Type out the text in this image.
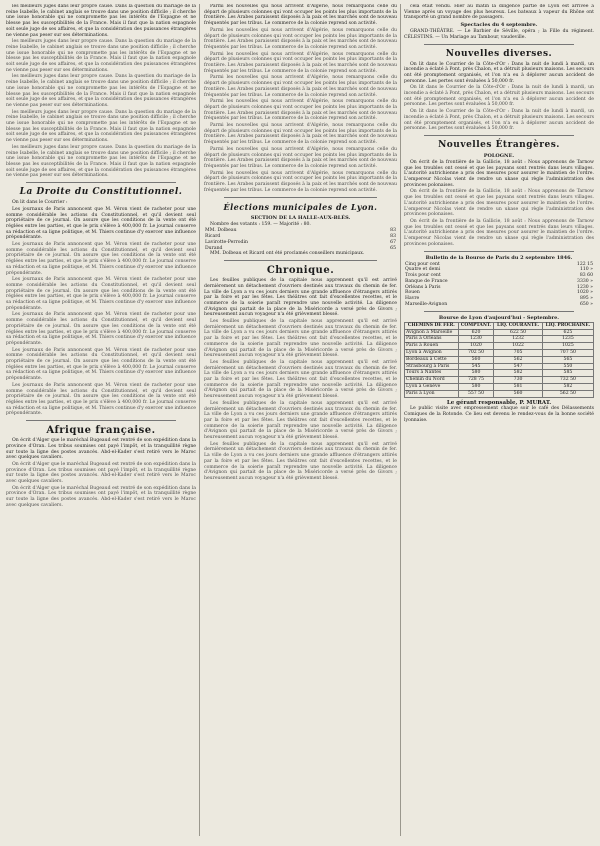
les meilleurs juges dans leur propre cause. Dans la question du mariage de la reine Isabelle, le cabinet anglais se trouve dans une position difficile ; il cherche une issue honorable qui ne compromette pas les intérêts de l'Espagne et ne blesse pas les susceptibilités de la France. Mais il faut que la nation espagnole soit seule juge de ses affaires, et que la considération des puissances étrangères ne vienne pas peser sur ses déterminations.

les meilleurs juges dans leur propre cause. Dans la question du mariage de la reine Isabelle, le cabinet anglais se trouve dans une position difficile ; il cherche une issue honorable qui ne compromette pas les intérêts de l'Espagne et ne blesse pas les susceptibilités de la France. Mais il faut que la nation espagnole soit seule juge de ses affaires, et que la considération des puissances étrangères ne vienne pas peser sur ses déterminations.

les meilleurs juges dans leur propre cause. Dans la question du mariage de la reine Isabelle, le cabinet anglais se trouve dans une position difficile ; il cherche une issue honorable qui ne compromette pas les intérêts de l'Espagne et ne blesse pas les susceptibilités de la France. Mais il faut que la nation espagnole soit seule juge de ses affaires, et que la considération des puissances étrangères ne vienne pas peser sur ses déterminations.

les meilleurs juges dans leur propre cause. Dans la question du mariage de la reine Isabelle, le cabinet anglais se trouve dans une position difficile ; il cherche une issue honorable qui ne compromette pas les intérêts de l'Espagne et ne blesse pas les susceptibilités de la France. Mais il faut que la nation espagnole soit seule juge de ses affaires, et que la considération des puissances étrangères ne vienne pas peser sur ses déterminations.

les meilleurs juges dans leur propre cause. Dans la question du mariage de la reine Isabelle, le cabinet anglais se trouve dans une position difficile ; il cherche une issue honorable qui ne compromette pas les intérêts de l'Espagne et ne blesse pas les susceptibilités de la France. Mais il faut que la nation espagnole soit seule juge de ses affaires, et que la considération des puissances étrangères ne vienne pas peser sur ses déterminations.

La Droite du Constitutionnel.

On lit dans le Courrier :

Les journaux de Paris annoncent que M. Véron vient de racheter pour une somme considérable les actions du Constitutionnel, et qu'il devient seul propriétaire de ce journal. On assure que les conditions de la vente ont été réglées entre les parties, et que le prix s'élève à 400,000 fr. Le journal conserve sa rédaction et sa ligne politique, et M. Thiers continue d'y exercer une influence prépondérante.

Les journaux de Paris annoncent que M. Véron vient de racheter pour une somme considérable les actions du Constitutionnel, et qu'il devient seul propriétaire de ce journal. On assure que les conditions de la vente ont été réglées entre les parties, et que le prix s'élève à 400,000 fr. Le journal conserve sa rédaction et sa ligne politique, et M. Thiers continue d'y exercer une influence prépondérante.

Les journaux de Paris annoncent que M. Véron vient de racheter pour une somme considérable les actions du Constitutionnel, et qu'il devient seul propriétaire de ce journal. On assure que les conditions de la vente ont été réglées entre les parties, et que le prix s'élève à 400,000 fr. Le journal conserve sa rédaction et sa ligne politique, et M. Thiers continue d'y exercer une influence prépondérante.

Les journaux de Paris annoncent que M. Véron vient de racheter pour une somme considérable les actions du Constitutionnel, et qu'il devient seul propriétaire de ce journal. On assure que les conditions de la vente ont été réglées entre les parties, et que le prix s'élève à 400,000 fr. Le journal conserve sa rédaction et sa ligne politique, et M. Thiers continue d'y exercer une influence prépondérante.

Les journaux de Paris annoncent que M. Véron vient de racheter pour une somme considérable les actions du Constitutionnel, et qu'il devient seul propriétaire de ce journal. On assure que les conditions de la vente ont été réglées entre les parties, et que le prix s'élève à 400,000 fr. Le journal conserve sa rédaction et sa ligne politique, et M. Thiers continue d'y exercer une influence prépondérante.

Les journaux de Paris annoncent que M. Véron vient de racheter pour une somme considérable les actions du Constitutionnel, et qu'il devient seul propriétaire de ce journal. On assure que les conditions de la vente ont été réglées entre les parties, et que le prix s'élève à 400,000 fr. Le journal conserve sa rédaction et sa ligne politique, et M. Thiers continue d'y exercer une influence prépondérante.

Afrique française.

On écrit d'Alger que le maréchal Bugeaud est rentré de son expédition dans la province d'Oran. Les tribus soumises ont payé l'impôt, et la tranquillité règne sur toute la ligne des postes avancés. Abd-el-Kader s'est retiré vers le Maroc avec quelques cavaliers.

On écrit d'Alger que le maréchal Bugeaud est rentré de son expédition dans la province d'Oran. Les tribus soumises ont payé l'impôt, et la tranquillité règne sur toute la ligne des postes avancés. Abd-el-Kader s'est retiré vers le Maroc avec quelques cavaliers.

On écrit d'Alger que le maréchal Bugeaud est rentré de son expédition dans la province d'Oran. Les tribus soumises ont payé l'impôt, et la tranquillité règne sur toute la ligne des postes avancés. Abd-el-Kader s'est retiré vers le Maroc avec quelques cavaliers.

Parmi les nouvelles qui nous arrivent d'Algérie, nous remarquons celle du départ de plusieurs colonnes qui vont occuper les points les plus importants de la frontière. Les Arabes paraissent disposés à la paix et les marchés sont de nouveau fréquentés par les tribus. Le commerce de la colonie reprend son activité.

Parmi les nouvelles qui nous arrivent d'Algérie, nous remarquons celle du départ de plusieurs colonnes qui vont occuper les points les plus importants de la frontière. Les Arabes paraissent disposés à la paix et les marchés sont de nouveau fréquentés par les tribus. Le commerce de la colonie reprend son activité.

Parmi les nouvelles qui nous arrivent d'Algérie, nous remarquons celle du départ de plusieurs colonnes qui vont occuper les points les plus importants de la frontière. Les Arabes paraissent disposés à la paix et les marchés sont de nouveau fréquentés par les tribus. Le commerce de la colonie reprend son activité.

Parmi les nouvelles qui nous arrivent d'Algérie, nous remarquons celle du départ de plusieurs colonnes qui vont occuper les points les plus importants de la frontière. Les Arabes paraissent disposés à la paix et les marchés sont de nouveau fréquentés par les tribus. Le commerce de la colonie reprend son activité.

Parmi les nouvelles qui nous arrivent d'Algérie, nous remarquons celle du départ de plusieurs colonnes qui vont occuper les points les plus importants de la frontière. Les Arabes paraissent disposés à la paix et les marchés sont de nouveau fréquentés par les tribus. Le commerce de la colonie reprend son activité.

Parmi les nouvelles qui nous arrivent d'Algérie, nous remarquons celle du départ de plusieurs colonnes qui vont occuper les points les plus importants de la frontière. Les Arabes paraissent disposés à la paix et les marchés sont de nouveau fréquentés par les tribus. Le commerce de la colonie reprend son activité.

Parmi les nouvelles qui nous arrivent d'Algérie, nous remarquons celle du départ de plusieurs colonnes qui vont occuper les points les plus importants de la frontière. Les Arabes paraissent disposés à la paix et les marchés sont de nouveau fréquentés par les tribus. Le commerce de la colonie reprend son activité.

Parmi les nouvelles qui nous arrivent d'Algérie, nous remarquons celle du départ de plusieurs colonnes qui vont occuper les points les plus importants de la frontière. Les Arabes paraissent disposés à la paix et les marchés sont de nouveau fréquentés par les tribus. Le commerce de la colonie reprend son activité.

Élections municipales de Lyon.
SECTION DE LA HALLE-AUX-BLÉS.

Nombre des votants : 159. — Majorité : 80.

MM. Dolbeau	83
Ricard	83
Lavirotte-Perrodin	67
Durand	65

MM. Dolbeau et Ricard ont été proclamés conseillers municipaux.

Chronique.

Les feuilles publiques de la capitale nous apprennent qu'il est arrivé dernièrement un détachement d'ouvriers destinés aux travaux du chemin de fer. La ville de Lyon a vu ces jours derniers une grande affluence d'étrangers attirés par la foire et par les fêtes. Les théâtres ont fait d'excellentes recettes, et le commerce de la soierie paraît reprendre une nouvelle activité. La diligence d'Avignon qui partait de la place de la Miséricorde a versé près de Givors ; heureusement aucun voyageur n'a été grièvement blessé.

Les feuilles publiques de la capitale nous apprennent qu'il est arrivé dernièrement un détachement d'ouvriers destinés aux travaux du chemin de fer. La ville de Lyon a vu ces jours derniers une grande affluence d'étrangers attirés par la foire et par les fêtes. Les théâtres ont fait d'excellentes recettes, et le commerce de la soierie paraît reprendre une nouvelle activité. La diligence d'Avignon qui partait de la place de la Miséricorde a versé près de Givors ; heureusement aucun voyageur n'a été grièvement blessé.

Les feuilles publiques de la capitale nous apprennent qu'il est arrivé dernièrement un détachement d'ouvriers destinés aux travaux du chemin de fer. La ville de Lyon a vu ces jours derniers une grande affluence d'étrangers attirés par la foire et par les fêtes. Les théâtres ont fait d'excellentes recettes, et le commerce de la soierie paraît reprendre une nouvelle activité. La diligence d'Avignon qui partait de la place de la Miséricorde a versé près de Givors ; heureusement aucun voyageur n'a été grièvement blessé.

Les feuilles publiques de la capitale nous apprennent qu'il est arrivé dernièrement un détachement d'ouvriers destinés aux travaux du chemin de fer. La ville de Lyon a vu ces jours derniers une grande affluence d'étrangers attirés par la foire et par les fêtes. Les théâtres ont fait d'excellentes recettes, et le commerce de la soierie paraît reprendre une nouvelle activité. La diligence d'Avignon qui partait de la place de la Miséricorde a versé près de Givors ; heureusement aucun voyageur n'a été grièvement blessé.

Les feuilles publiques de la capitale nous apprennent qu'il est arrivé dernièrement un détachement d'ouvriers destinés aux travaux du chemin de fer. La ville de Lyon a vu ces jours derniers une grande affluence d'étrangers attirés par la foire et par les fêtes. Les théâtres ont fait d'excellentes recettes, et le commerce de la soierie paraît reprendre une nouvelle activité. La diligence d'Avignon qui partait de la place de la Miséricorde a versé près de Givors ; heureusement aucun voyageur n'a été grièvement blessé.

cela était vendu. Hier au matin la diligence partie de Lyon est arrivée à Vienne après un voyage des plus heureux. Les bateaux à vapeur du Rhône ont transporté un grand nombre de passagers.

Spectacles du 4 septembre.

GRAND-THÉÂTRE. — Le Barbier de Séville, opéra ; la Fille du régiment. CÉLESTINS. — Un Mariage au Tambour, vaudeville.

Nouvelles diverses.

On lit dans le Courrier de la Côte-d'Or : Dans la nuit de lundi à mardi, un incendie a éclaté à Pont, près Chalon, et a détruit plusieurs maisons. Les secours ont été promptement organisés, et l'on n'a eu à déplorer aucun accident de personne. Les pertes sont évaluées à 50,000 fr.

On lit dans le Courrier de la Côte-d'Or : Dans la nuit de lundi à mardi, un incendie a éclaté à Pont, près Chalon, et a détruit plusieurs maisons. Les secours ont été promptement organisés, et l'on n'a eu à déplorer aucun accident de personne. Les pertes sont évaluées à 50,000 fr.

On lit dans le Courrier de la Côte-d'Or : Dans la nuit de lundi à mardi, un incendie a éclaté à Pont, près Chalon, et a détruit plusieurs maisons. Les secours ont été promptement organisés, et l'on n'a eu à déplorer aucun accident de personne. Les pertes sont évaluées à 50,000 fr.

Nouvelles Étrangères.
POLOGNE.

On écrit de la frontière de la Gallicie, 18 août : Nous apprenons de Tarnow que les troubles ont cessé et que les paysans sont rentrés dans leurs villages. L'autorité autrichienne a pris des mesures pour assurer le maintien de l'ordre. L'empereur Nicolas vient de rendre un ukase qui règle l'administration des provinces polonaises.

On écrit de la frontière de la Gallicie, 18 août : Nous apprenons de Tarnow que les troubles ont cessé et que les paysans sont rentrés dans leurs villages. L'autorité autrichienne a pris des mesures pour assurer le maintien de l'ordre. L'empereur Nicolas vient de rendre un ukase qui règle l'administration des provinces polonaises.

On écrit de la frontière de la Gallicie, 18 août : Nous apprenons de Tarnow que les troubles ont cessé et que les paysans sont rentrés dans leurs villages. L'autorité autrichienne a pris des mesures pour assurer le maintien de l'ordre. L'empereur Nicolas vient de rendre un ukase qui règle l'administration des provinces polonaises.

Bulletin de la Bourse de Paris du 2 septembre 1846.
Cinq pour cent	122 15
Quatre et demi	110 »
Trois pour cent	83 60
Banque de France	3330 »
Orléans à Paris	1230 »
Rouen	1020 »
Havre	895 »
Marseille-Avignon	650 »
Bourse de Lyon d'aujourd'hui - Septembre.
CHEMINS DE FER.	COMPTANT.	LIQ. COURANTE.	LIQ. PROCHAINE.
Avignon à Marseille	620	622 50	625
Paris à Orléans	1230	1232	1235
Paris à Rouen	1020	1022	1025
Lyon à Avignon	702 50	705	707 50
Bordeaux à Cette	560	562	565
Strasbourg à Paris	545	547	550
Tours à Nantes	580	582	585
Chemin du Nord	728 75	730	732 50
Lyon à Genève	580	581	582
Paris à Lyon	557 50	560	562 50
Le gérant responsable, P. MURAT.

Le public visite avec empressement chaque soir le café des Délassements Comiques de la Rotonde. Ce lieu est devenu le rendez-vous de la bonne société lyonnaise.
